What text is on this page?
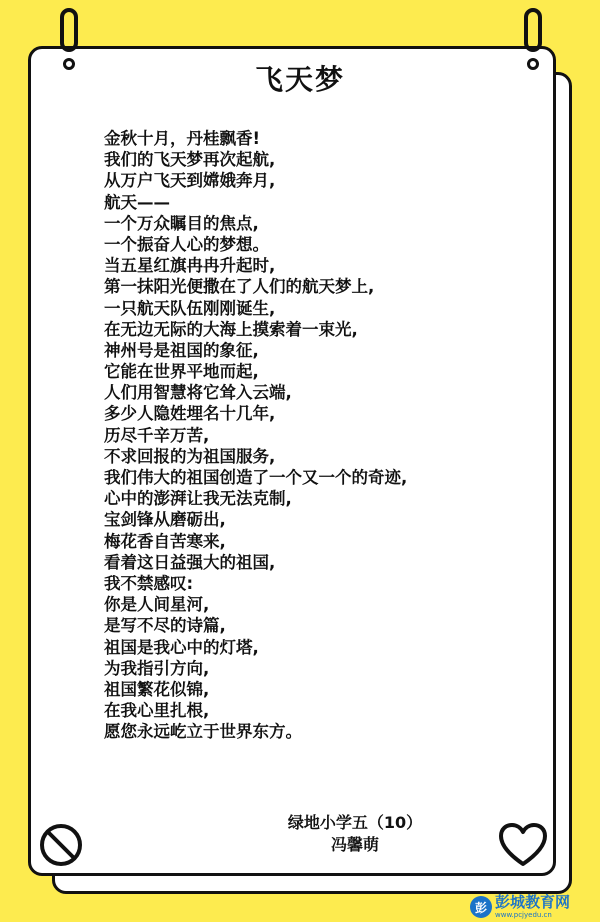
飞天梦
金秋十月，丹桂飘香!
我们的飞天梦再次起航,
从万户飞天到嫦娥奔月,
航天——
一个万众瞩目的焦点,
一个振奋人心的梦想。
当五星红旗冉冉升起时,
第一抹阳光便撒在了人们的航天梦上,
一只航天队伍刚刚诞生,
在无边无际的大海上摸索着一束光,
神州号是祖国的象征,
它能在世界平地而起,
人们用智慧将它耸入云端,
多少人隐姓埋名十几年,
历尽千辛万苦,
不求回报的为祖国服务,
我们伟大的祖国创造了一个又一个的奇迹,
心中的澎湃让我无法克制,
宝剑锋从磨砺出,
梅花香自苦寒来,
看着这日益强大的祖国,
我不禁感叹:
你是人间星河,
是写不尽的诗篇,
祖国是我心中的灯塔,
为我指引方向,
祖国繁花似锦,
在我心里扎根,
愿您永远屹立于世界东方。
绿地小学五（10）
冯馨萌
彭 彭城教育网
www.pcjyedu.cn
